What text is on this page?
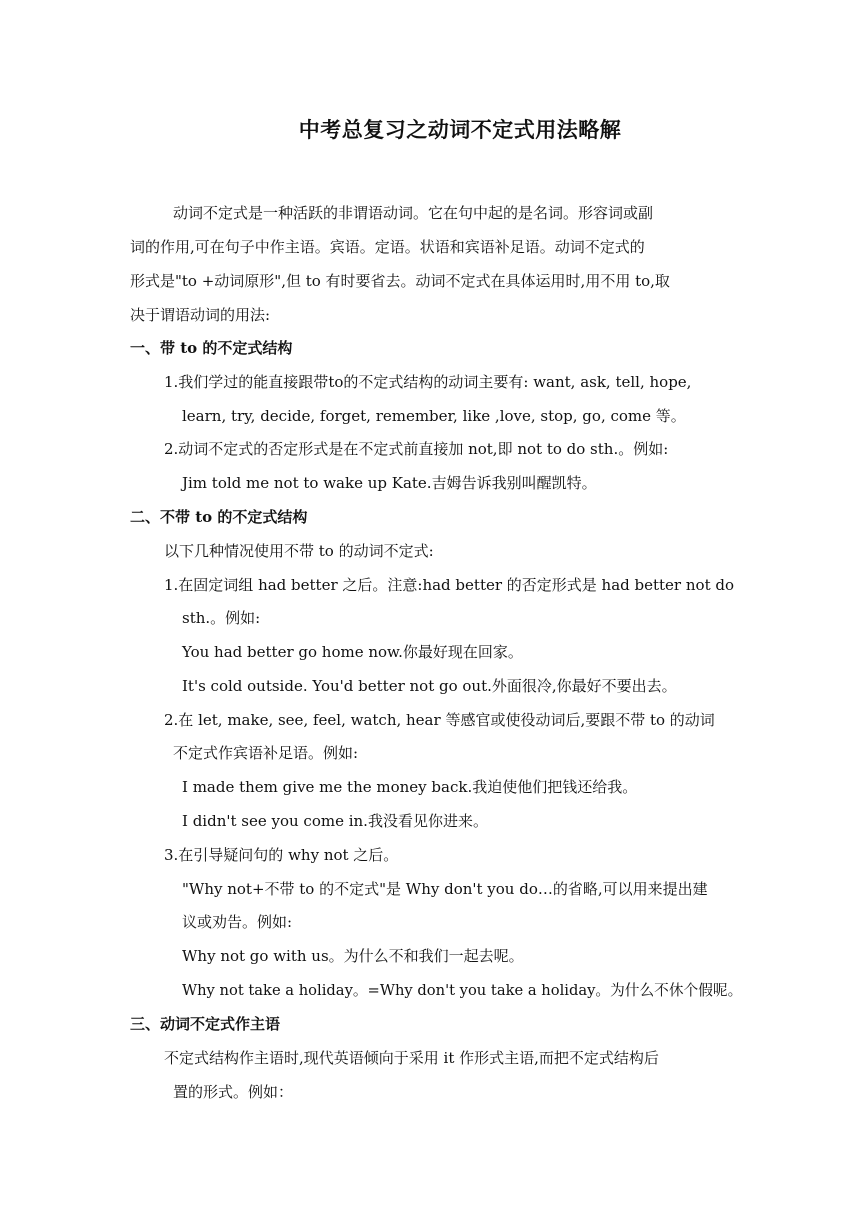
中考总复习之动词不定式用法略解
动词不定式是一种活跃的非谓语动词。它在句中起的是名词。形容词或副
词的作用,可在句子中作主语。宾语。定语。状语和宾语补足语。动词不定式的
形式是"to +动词原形",但 to 有时要省去。动词不定式在具体运用时,用不用 to,取
决于谓语动词的用法:
一、带 to 的不定式结构
1.我们学过的能直接跟带to的不定式结构的动词主要有: want, ask, tell, hope,
learn, try, decide, forget, remember, like ,love, stop, go, come 等。
2.动词不定式的否定形式是在不定式前直接加 not,即 not to do sth.。例如:
Jim told me not to wake up Kate.吉姆告诉我别叫醒凯特。
二、不带 to 的不定式结构
以下几种情况使用不带 to 的动词不定式:
1.在固定词组 had better 之后。注意:had better 的否定形式是 had better not do
sth.。例如:
You had better go home now.你最好现在回家。
It's cold outside. You'd better not go out.外面很冷,你最好不要出去。
2.在 let, make, see, feel, watch, hear 等感官或使役动词后,要跟不带 to 的动词
不定式作宾语补足语。例如:
I made them give me the money back.我迫使他们把钱还给我。
I didn't see you come in.我没看见你进来。
3.在引导疑问句的 why not 之后。
"Why not+不带 to 的不定式"是 Why don't you do…的省略,可以用来提出建
议或劝告。例如:
Why not go with us。为什么不和我们一起去呢。
Why not take a holiday。=Why don't you take a holiday。为什么不休个假呢。
三、动词不定式作主语
不定式结构作主语时,现代英语倾向于采用 it 作形式主语,而把不定式结构后
置的形式。例如：
